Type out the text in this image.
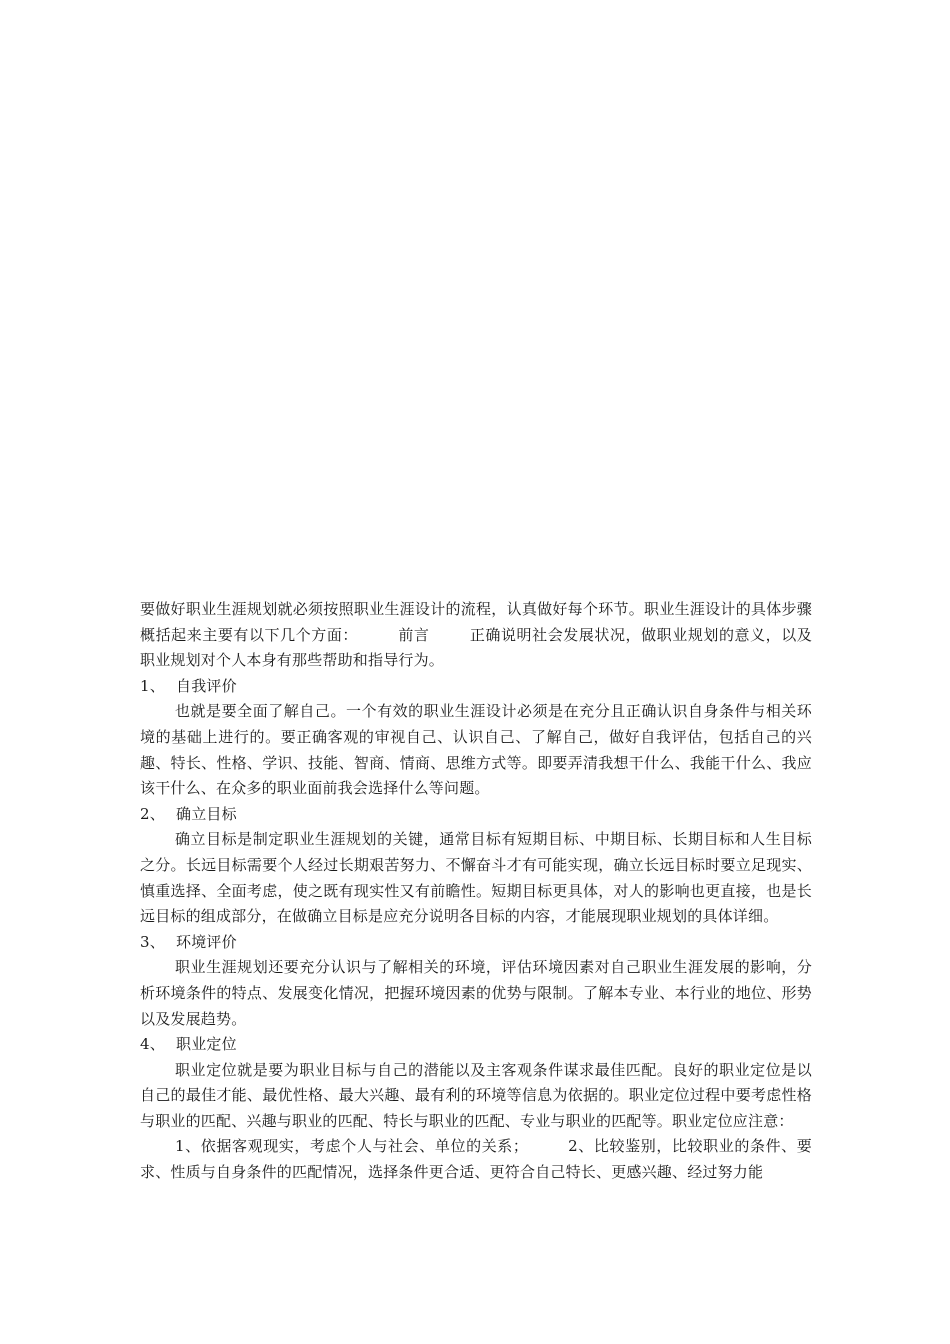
要做好职业生涯规划就必须按照职业生涯设计的流程，认真做好每个环节。职业生涯设计的具体步骤概括起来主要有以下几个方面：	前言	正确说明社会发展状况，做职业规划的意义，以及职业规划对个人本身有那些帮助和指导行为。

1、 自我评价

也就是要全面了解自己。一个有效的职业生涯设计必须是在充分且正确认识自身条件与相关环境的基础上进行的。要正确客观的审视自己、认识自己、了解自己，做好自我评估，包括自己的兴趣、特长、性格、学识、技能、智商、情商、思维方式等。即要弄清我想干什么、我能干什么、我应该干什么、在众多的职业面前我会选择什么等问题。

2、 确立目标

确立目标是制定职业生涯规划的关键，通常目标有短期目标、中期目标、长期目标和人生目标之分。长远目标需要个人经过长期艰苦努力、不懈奋斗才有可能实现，确立长远目标时要立足现实、慎重选择、全面考虑，使之既有现实性又有前瞻性。短期目标更具体，对人的影响也更直接，也是长远目标的组成部分，在做确立目标是应充分说明各目标的内容，才能展现职业规划的具体详细。

3、 环境评价

职业生涯规划还要充分认识与了解相关的环境，评估环境因素对自己职业生涯发展的影响，分析环境条件的特点、发展变化情况，把握环境因素的优势与限制。了解本专业、本行业的地位、形势以及发展趋势。

4、 职业定位

职业定位就是要为职业目标与自己的潜能以及主客观条件谋求最佳匹配。良好的职业定位是以自己的最佳才能、最优性格、最大兴趣、最有利的环境等信息为依据的。职业定位过程中要考虑性格与职业的匹配、兴趣与职业的匹配、特长与职业的匹配、专业与职业的匹配等。职业定位应注意：

1、依据客观现实，考虑个人与社会、单位的关系；	2、比较鉴别，比较职业的条件、要求、性质与自身条件的匹配情况，选择条件更合适、更符合自己特长、更感兴趣、经过努力能
